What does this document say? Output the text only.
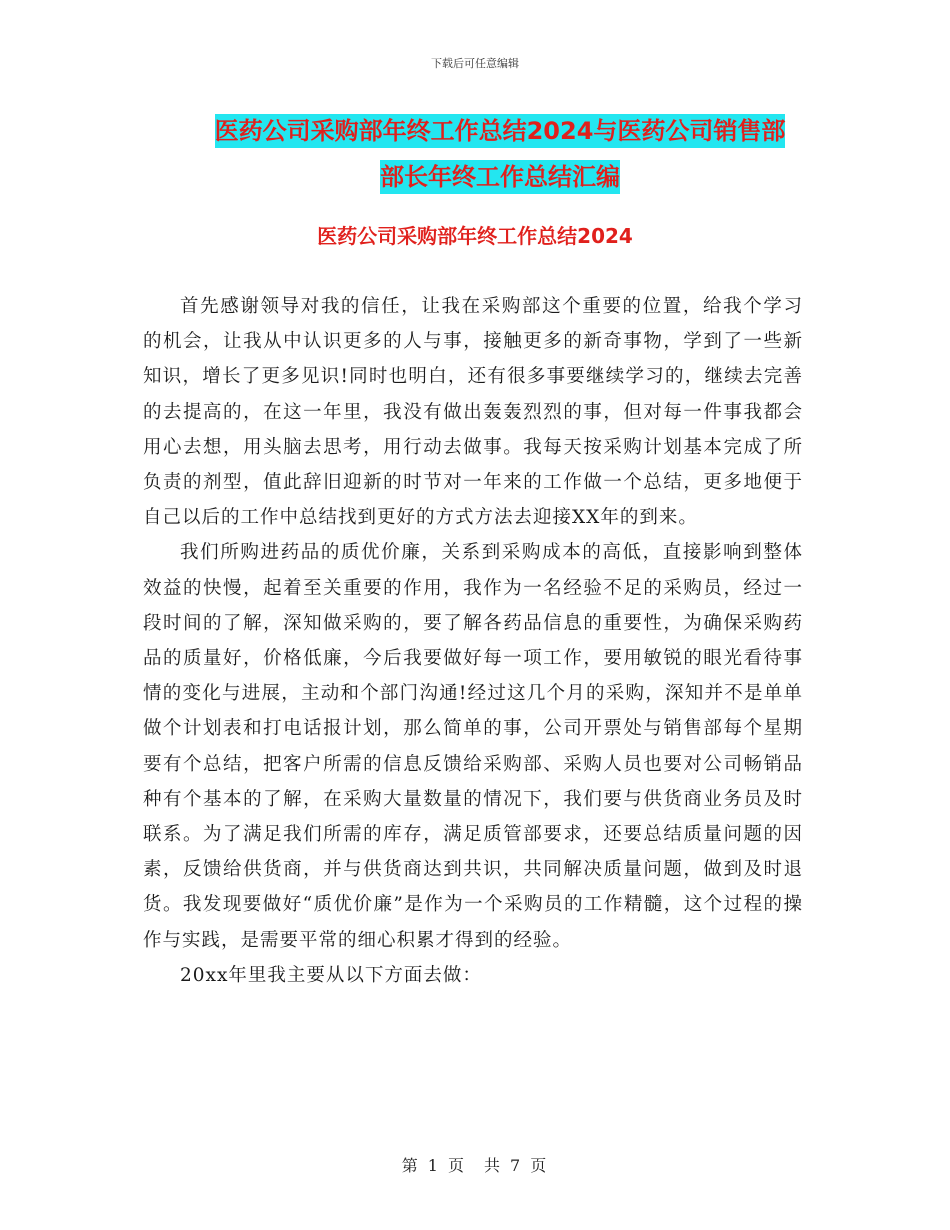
下载后可任意编辑
医药公司采购部年终工作总结2024与医药公司销售部
部长年终工作总结汇编
医药公司采购部年终工作总结2024

首先感谢领导对我的信任，让我在采购部这个重要的位置，给我个学习的机会，让我从中认识更多的人与事，接触更多的新奇事物，学到了一些新知识，增长了更多见识!同时也明白，还有很多事要继续学习的，继续去完善的去提高的，在这一年里，我没有做出轰轰烈烈的事，但对每一件事我都会用心去想，用头脑去思考，用行动去做事。我每天按采购计划基本完成了所负责的剂型，值此辞旧迎新的时节对一年来的工作做一个总结，更多地便于自己以后的工作中总结找到更好的方式方法去迎接XX年的到来。

我们所购进药品的质优价廉，关系到采购成本的高低，直接影响到整体效益的快慢，起着至关重要的作用，我作为一名经验不足的采购员，经过一段时间的了解，深知做采购的，要了解各药品信息的重要性，为确保采购药品的质量好，价格低廉，今后我要做好每一项工作，要用敏锐的眼光看待事情的变化与进展，主动和个部门沟通!经过这几个月的采购，深知并不是单单做个计划表和打电话报计划，那么简单的事，公司开票处与销售部每个星期要有个总结，把客户所需的信息反馈给采购部、采购人员也要对公司畅销品种有个基本的了解，在采购大量数量的情况下，我们要与供货商业务员及时联系。为了满足我们所需的库存，满足质管部要求，还要总结质量问题的因素，反馈给供货商，并与供货商达到共识，共同解决质量问题，做到及时退货。我发现要做好“质优价廉”是作为一个采购员的工作精髓，这个过程的操作与实践，是需要平常的细心积累才得到的经验。

20xx年里我主要从以下方面去做：

第 1 页　共 7 页
